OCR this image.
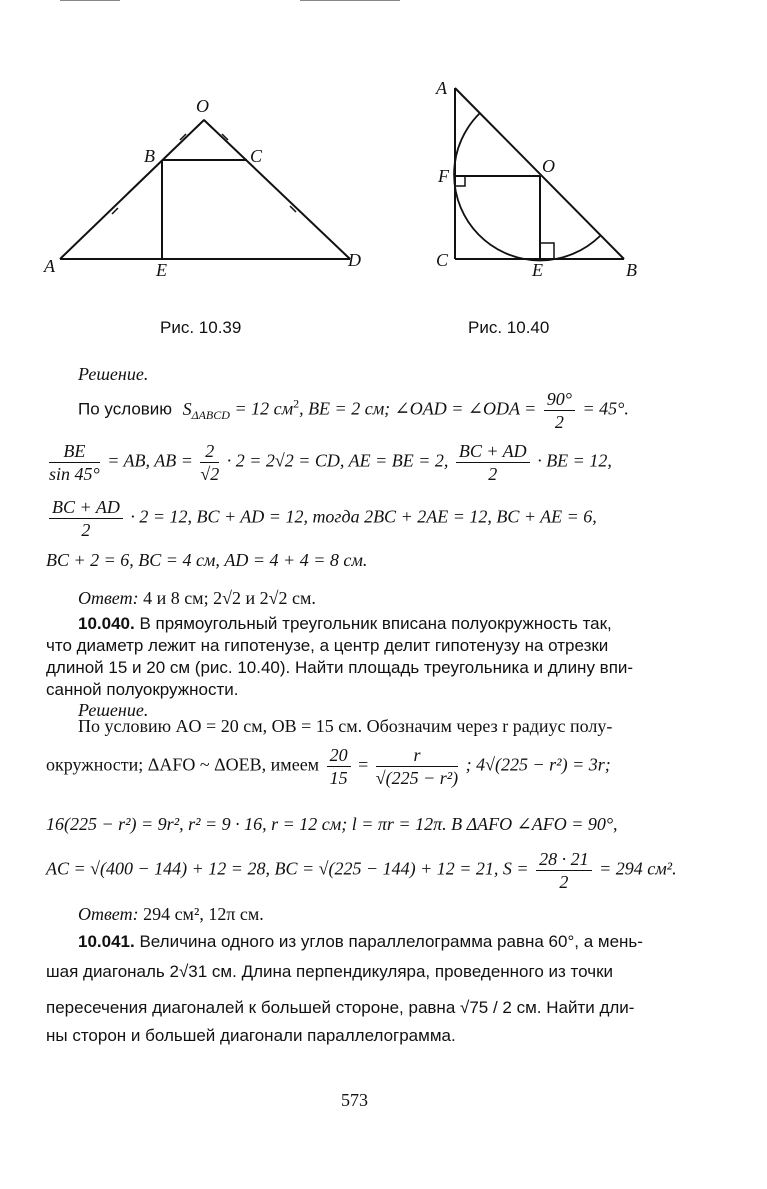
O
B	C
A	E	D
Рис. 10.39
A
O
F
C	E	B
Рис. 10.40
Решение.
По условию $S_{\Delta ABCD} = 12$ $см^2$, BE = 2 см; ∠OAD = ∠ODA = $\frac{90^\circ}{2} = 45^\circ$.
$\frac{BE}{\sin 45^\circ}$ = AB, AB = $\frac{2}{√2} \cdot 2 = 2√2$ = CD, AE = BE = 2, $\frac{BC + AD}{2}$ · BE = 12,
$\frac{BC + AD}{2} \cdot 2 = 12$, BC + AD = 12, тогда 2BC + 2AE = 12, BC + AE = 6,
BC + 2 = 6, BC = 4 см, AD = 4 + 4 = 8 см.
Ответ: 4 и 8 см; 2√2 и 2√2 см.
10.040. В прямоугольный треугольник вписана полуокружность так,
что диаметр лежит на гипотенузе, а центр делит гипотенузу на отрезки
длиной 15 и 20 см (рис. 10.40). Найти площадь треугольника и длину впи-
санной полуокружности.
Решение.
По условию AO = 20 см, OB = 15 см. Обозначим через r радиус полу-
окружности; ΔAFO ~ ΔOEB, имеем $\frac{20}{15} = \frac{r}{\text{√(225 − r²)}}$ ; 4√(225 − r²) = 3r;
16(225 − r²) = 9r², r² = 9 · 16, r = 12 см; l = πr = 12π. В ΔAFO ∠AFO = 90°,
AC = √(400 − 144) + 12 = 28, BC = √(225 − 144) + 12 = 21, $S = \frac{28 \cdot 21}{2} = 294$ см².
Ответ: 294 см², 12π см.
10.041. Величина одного из углов параллелограмма равна 60°, а мень-
шая диагональ 2√31 см. Длина перпендикуляра, проведенного из точки
пересечения диагоналей к большей стороне, равна √75 / 2 см. Найти дли-
ны сторон и большей диагонали параллелограмма.
573
